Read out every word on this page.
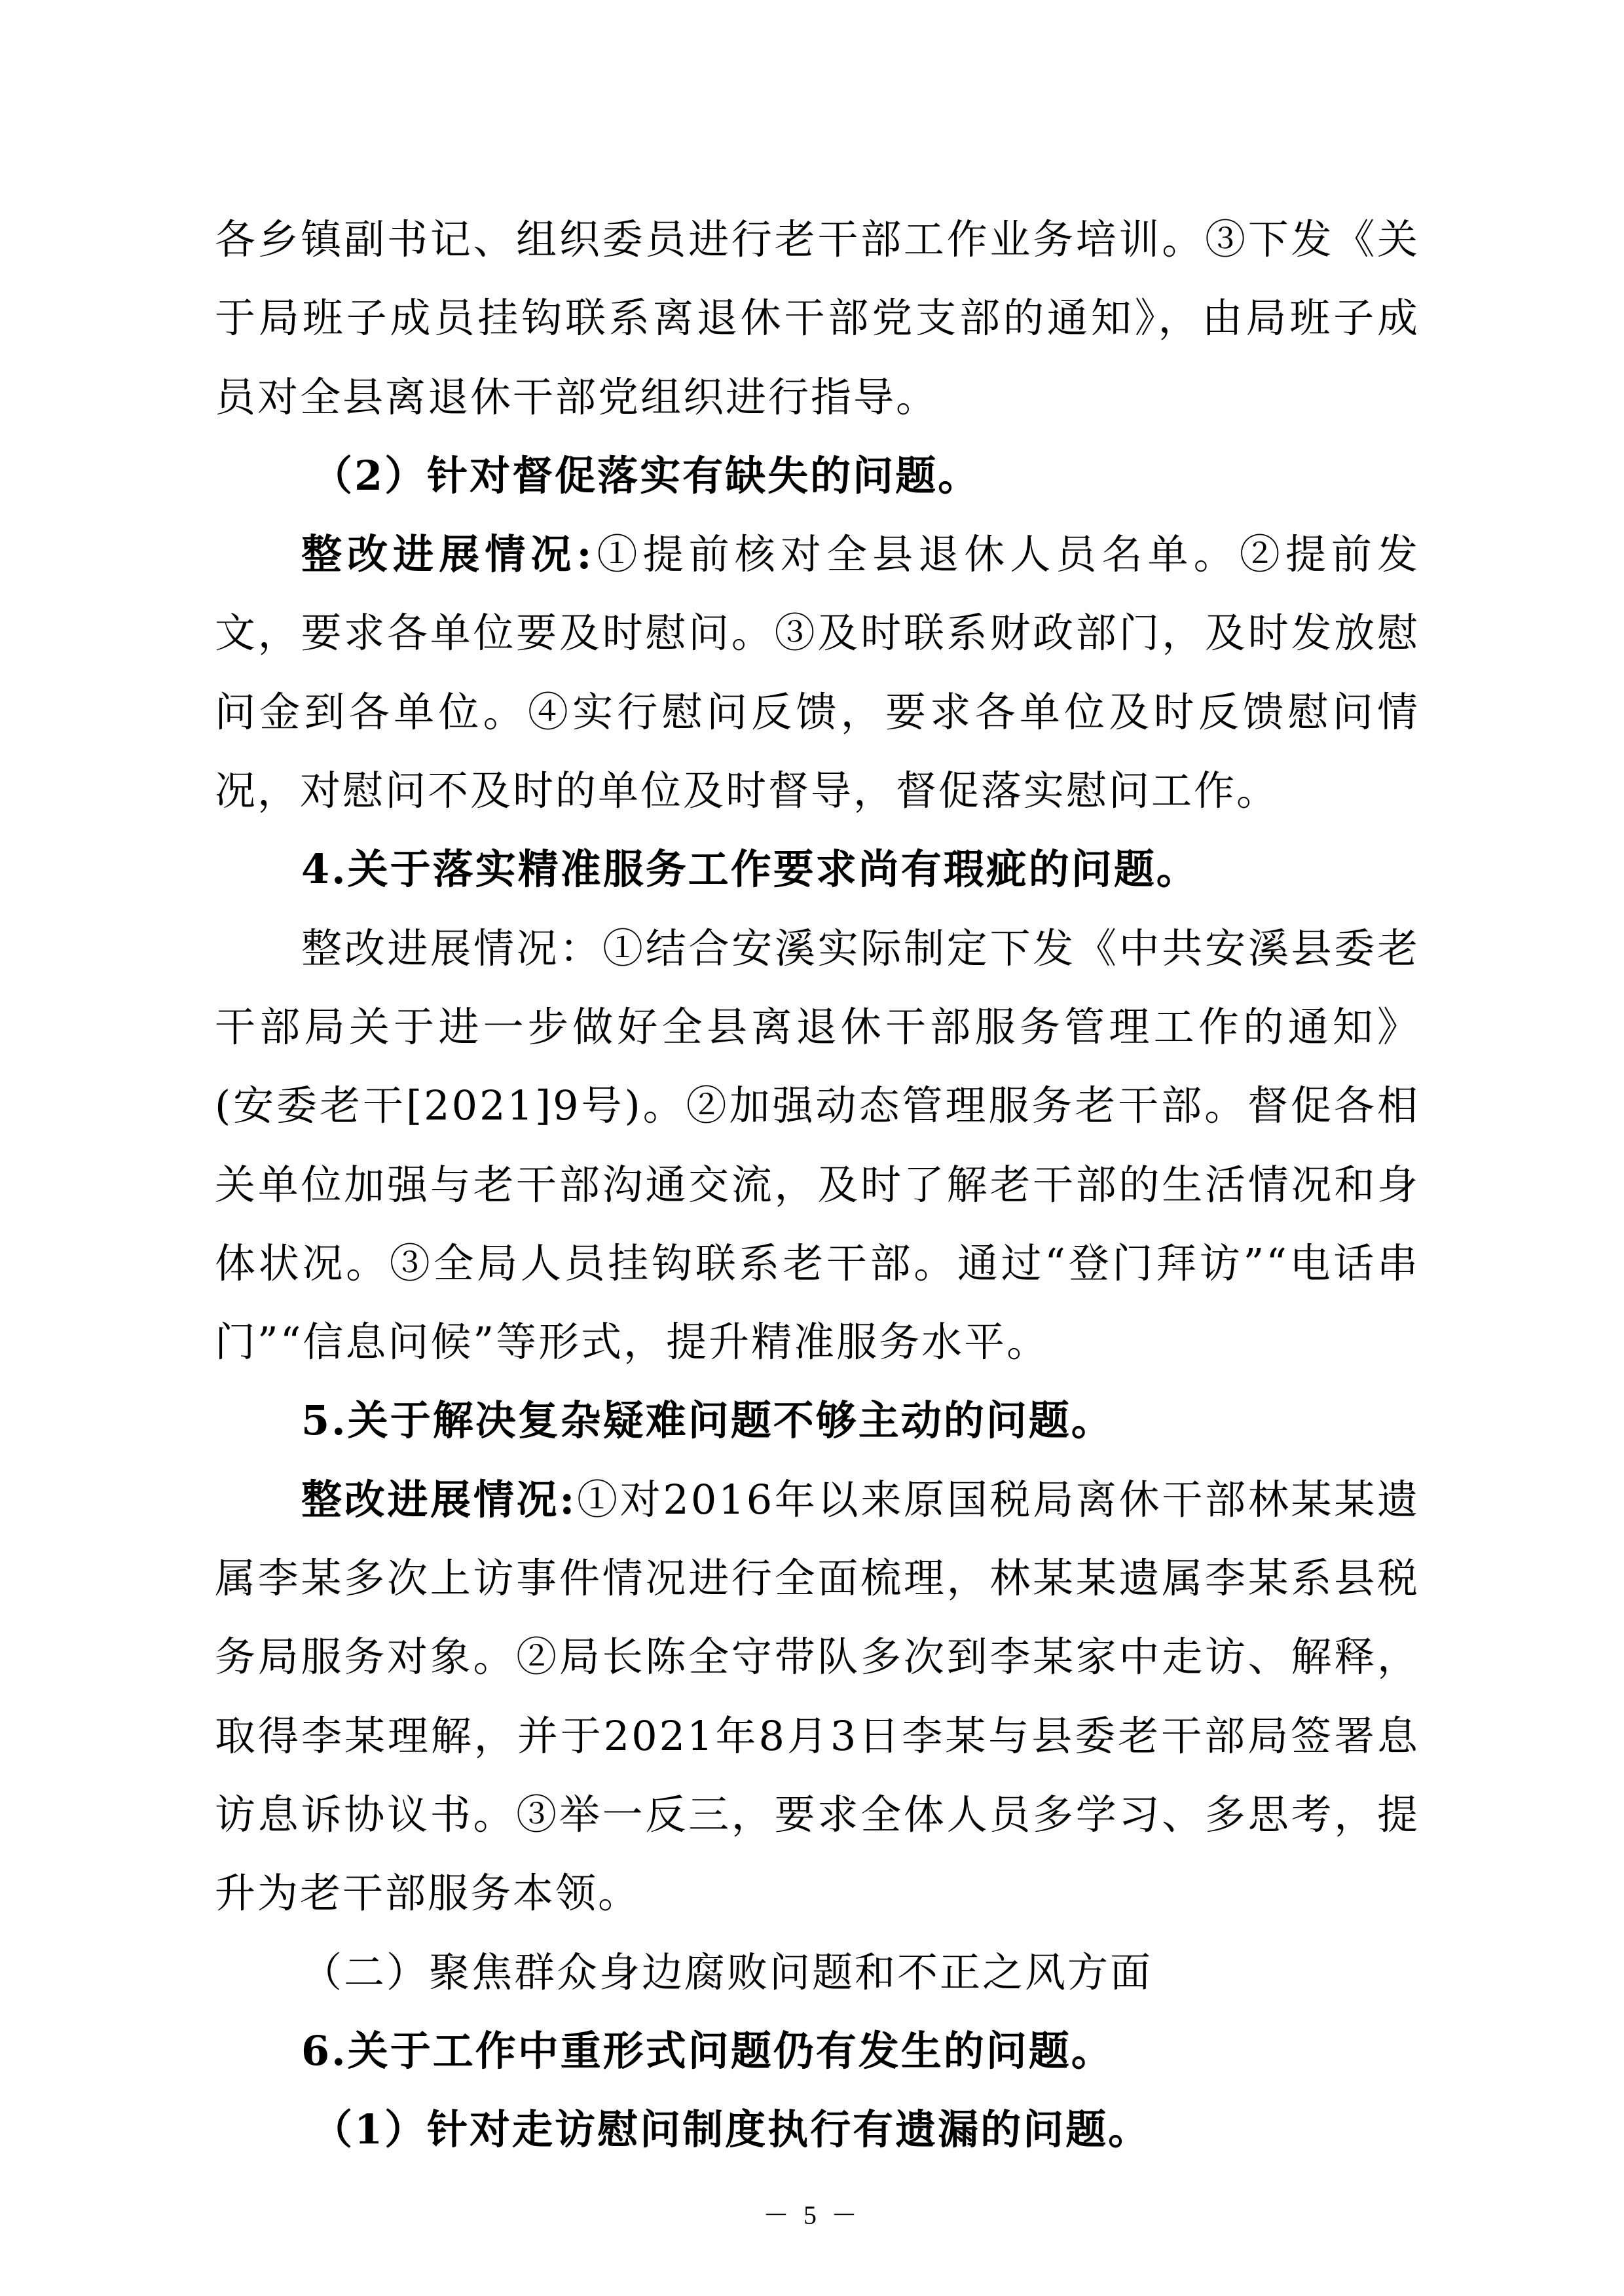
各乡镇副书记、组织委员进行老干部工作业务培训。③下发《关于局班子成员挂钩联系离退休干部党支部的通知》，由局班子成员对全县离退休干部党组织进行指导。

（2）针对督促落实有缺失的问题。

整改进展情况:①提前核对全县退休人员名单。②提前发文，要求各单位要及时慰问。③及时联系财政部门，及时发放慰问金到各单位。④实行慰问反馈，要求各单位及时反馈慰问情况，对慰问不及时的单位及时督导，督促落实慰问工作。

4.关于落实精准服务工作要求尚有瑕疵的问题。

整改进展情况：①结合安溪实际制定下发《中共安溪县委老干部局关于进一步做好全县离退休干部服务管理工作的通知》(安委老干[2021]9号)。②加强动态管理服务老干部。督促各相关单位加强与老干部沟通交流，及时了解老干部的生活情况和身体状况。③全局人员挂钩联系老干部。通过“登门拜访”“电话串门”“信息问候”等形式，提升精准服务水平。

5.关于解决复杂疑难问题不够主动的问题。

整改进展情况:①对2016年以来原国税局离休干部林某某遗属李某多次上访事件情况进行全面梳理，林某某遗属李某系县税务局服务对象。②局长陈全守带队多次到李某家中走访、解释，取得李某理解，并于2021年8月3日李某与县委老干部局签署息访息诉协议书。③举一反三，要求全体人员多学习、多思考，提升为老干部服务本领。

（二）聚焦群众身边腐败问题和不正之风方面

6.关于工作中重形式问题仍有发生的问题。

（1）针对走访慰问制度执行有遗漏的问题。

－ 5 －
